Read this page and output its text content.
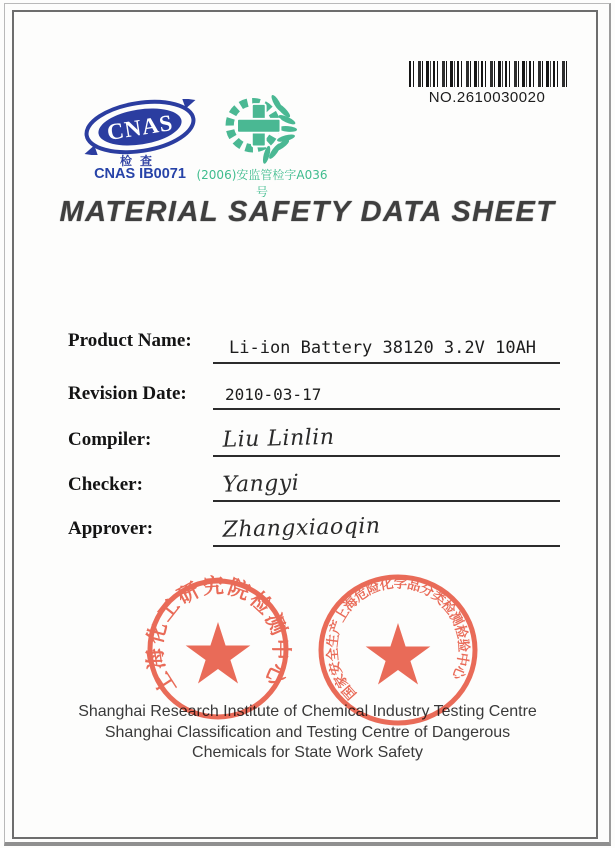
NO.2610030020
CNAS
检查
CNAS IB0071 (2006)安监管检字A036号
MATERIAL SAFETY DATA SHEET
Product Name:	Li-ion Battery 38120 3.2V 10AH
Revision Date:	2010-03-17
Compiler:	Liu Linlin
Checker:	Yangyi
Approver:	Zhangxiaoqin
Shanghai Research Institute of Chemical Industry Testing Centre
Shanghai Classification and Testing Centre of Dangerous
Chemicals for State Work Safety
上海化工研究院检测中心
国家安全生产上海危险化学品分类检测检验中心
